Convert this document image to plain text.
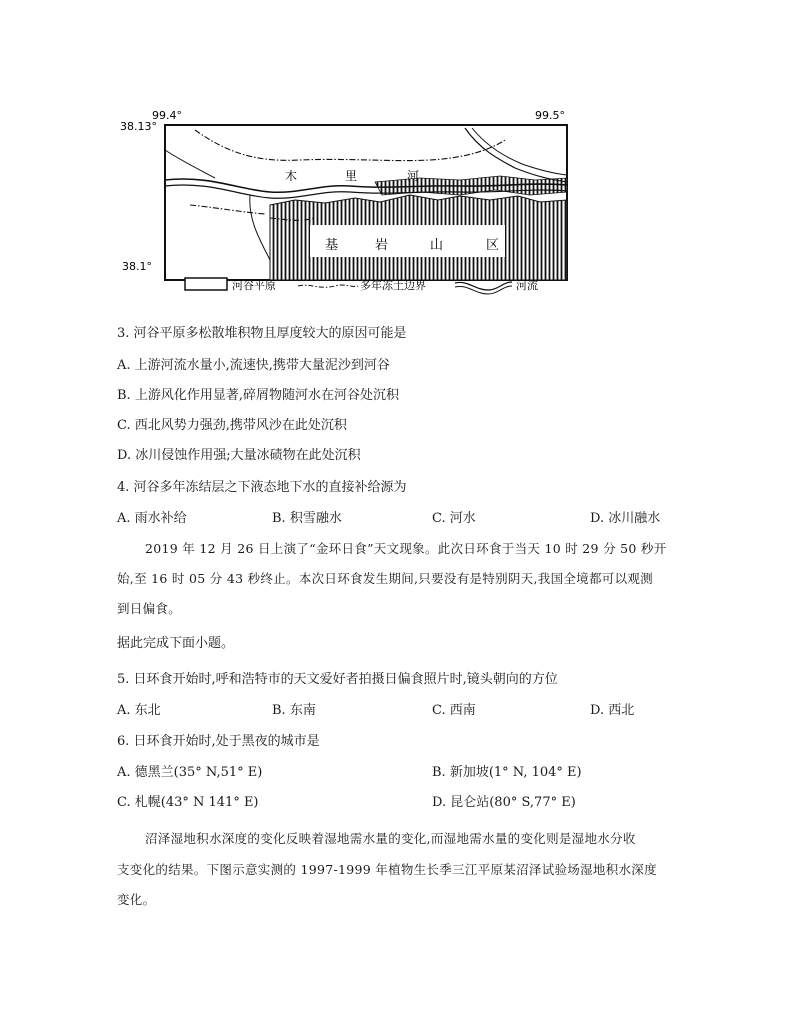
99.4°
38.13°
99.5°
38.1°
木	里	河
基	岩	山	区
河谷平原	多年冻土边界	河流
3. 河谷平原多松散堆积物且厚度较大的原因可能是
A. 上游河流水量小,流速快,携带大量泥沙到河谷
B. 上游风化作用显著,碎屑物随河水在河谷处沉积
C. 西北风势力强劲,携带风沙在此处沉积
D. 冰川侵蚀作用强;大量冰碛物在此处沉积
4. 河谷多年冻结层之下液态地下水的直接补给源为
A. 雨水补给	B. 积雪融水	C. 河水	D. 冰川融水
2019 年 12 月 26 日上演了“金环日食”天文现象。此次日环食于当天 10 时 29 分 50 秒开
始,至 16 时 05 分 43 秒终止。本次日环食发生期间,只要没有是特别阴天,我国全境都可以观测
到日偏食。
据此完成下面小题。
5. 日环食开始时,呼和浩特市的天文爱好者拍摄日偏食照片时,镜头朝向的方位
A. 东北	B. 东南	C. 西南	D. 西北
6. 日环食开始时,处于黑夜的城市是
A. 德黑兰(35° N,51° E)	B. 新加坡(1° N, 104° E)
C. 札幌(43° N 141° E)	D. 昆仑站(80° S,77° E)
沼泽湿地积水深度的变化反映着湿地需水量的变化,而湿地需水量的变化则是湿地水分收
支变化的结果。下图示意实测的 1997-1999 年植物生长季三江平原某沼泽试验场湿地积水深度
变化。
